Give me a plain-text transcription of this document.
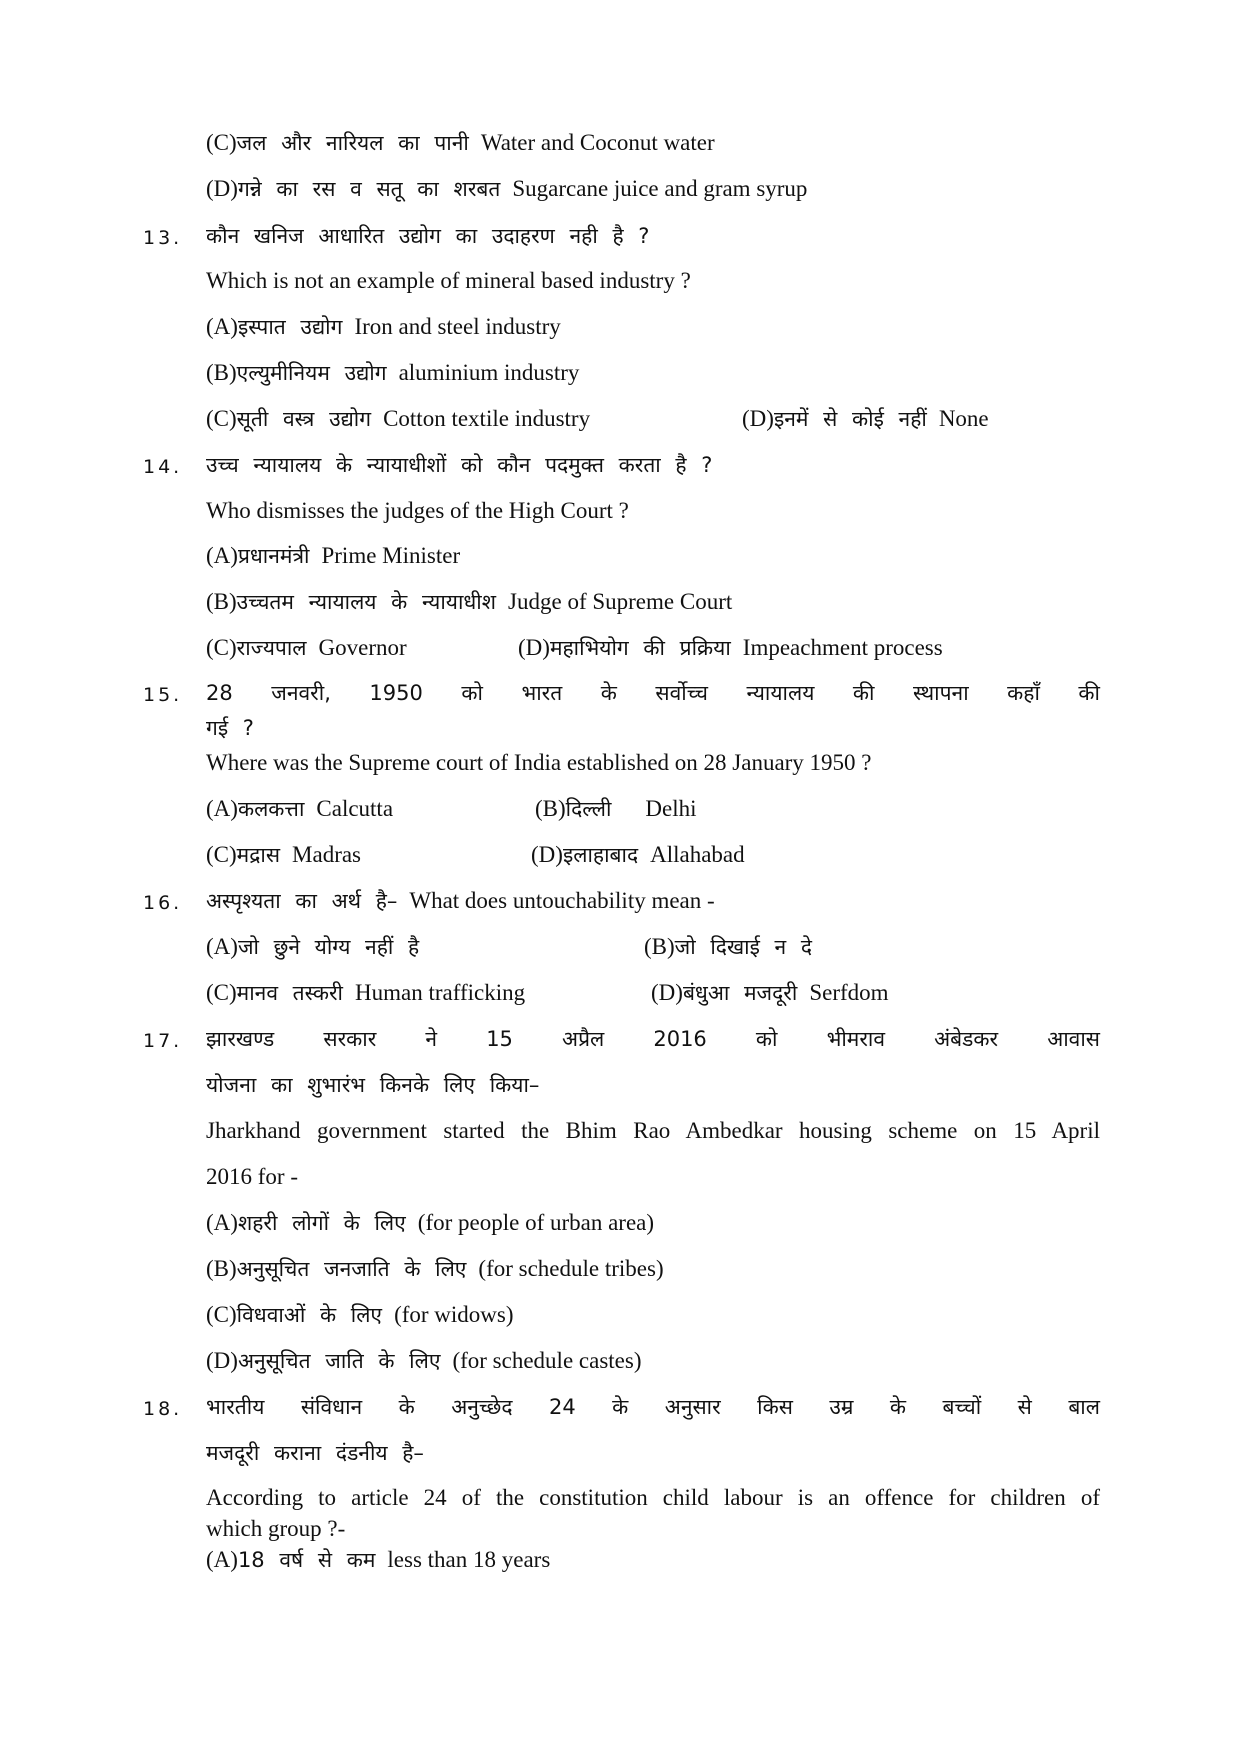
(C)जल और नारियल का पानी Water and Coconut water
(D)गन्ने का रस व सतू का शरबत Sugarcane juice and gram syrup
13. कौन खनिज आधारित उद्योग का उदाहरण नही है ?
Which is not an example of mineral based industry ?
(A)इस्पात उद्योग Iron and steel industry
(B)एल्युमीनियम उद्योग aluminium industry
(C)सूती वस्त्र उद्योग Cotton textile industry	(D)इनमें से कोई नहीं None
14. उच्च न्यायालय के न्यायाधीशों को कौन पदमुक्त करता है ?
Who dismisses the judges of the High Court ?
(A)प्रधानमंत्री Prime Minister
(B)उच्चतम न्यायालय के न्यायाधीश Judge of Supreme Court
(C)राज्यपाल Governor	(D)महाभियोग की प्रक्रिया Impeachment process
15. 28 जनवरी, 1950 को भारत के सर्वोच्च न्यायालय की स्थापना कहाँ की
गई ?
Where was the Supreme court of India established on 28 January 1950 ?
(A)कलकत्ता Calcutta	(B)दिल्ली Delhi
(C)मद्रास Madras	(D)इलाहाबाद Allahabad
16. अस्पृश्यता का अर्थ है– What does untouchability mean -
(A)जो छुने योग्य नहीं है	(B)जो दिखाई न दे
(C)मानव तस्करी Human trafficking	(D)बंधुआ मजदूरी Serfdom
17. झारखण्ड सरकार ने 15 अप्रैल 2016 को भीमराव अंबेडकर आवास
योजना का शुभारंभ किनके लिए किया–
Jharkhand government started the Bhim Rao Ambedkar housing scheme on 15 April
2016 for -
(A)शहरी लोगों के लिए (for people of urban area)
(B)अनुसूचित जनजाति के लिए (for schedule tribes)
(C)विधवाओं के लिए (for widows)
(D)अनुसूचित जाति के लिए (for schedule castes)
18. भारतीय संविधान के अनुच्छेद 24 के अनुसार किस उम्र के बच्चों से बाल
मजदूरी कराना दंडनीय है–
According to article 24 of the constitution child labour is an offence for children of
which group ?-
(A)18 वर्ष से कम less than 18 years
